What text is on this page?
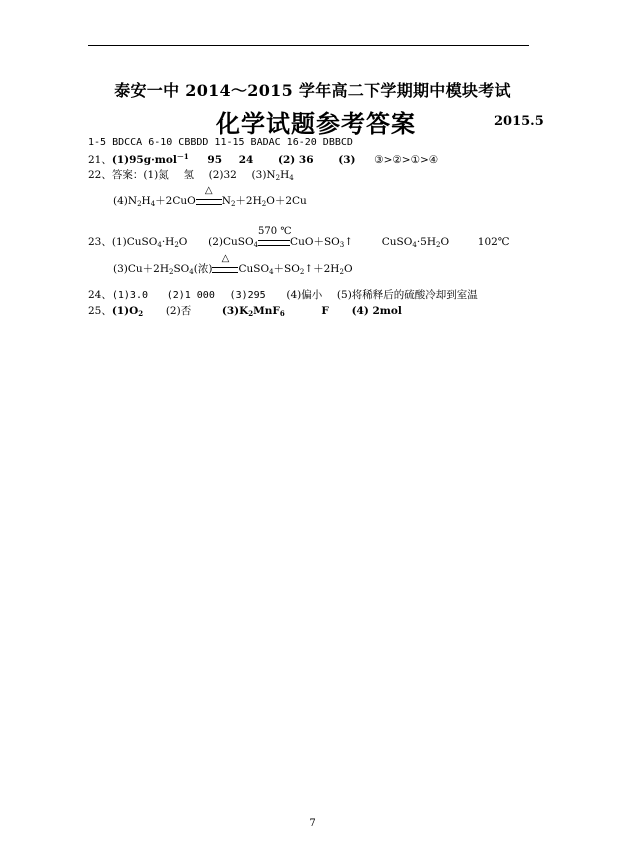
泰安一中 2014～2015 学年高二下学期期中模块考试
化学试题参考答案	2015.5
1-5 BDCCA 6-10 CBBDD 11-15 BADAC 16-20 DBBCD
21、(1)95g·mol$^{-1}$ 95 24 (2) 36 (3) ③>②>①>④
22、答案：(1)氮 氢 (2)32 $(3)N_2H_4$
$(4)N_2H_4+2CuO$
△
$N_2+2H_2O+2Cu$
23、$(1)CuSO_4\cdot H_2O$ (2)CuSO$_4$
570 ℃
$CuO+SO_3↑$	$CuSO_4\cdot 5H_2O$	102℃
$(3)Cu+2H_2SO_4$(浓)
△
$CuSO_4+SO_2↑+2H_2O$
24、(1)3.0 (2)1 000 (3)295 (4)偏小 (5)将稀释后的硫酸冷却到室温
25、$(1)O_2$ (2)否	$(3)K_2MnF_6$	F (4) 2mol
7
